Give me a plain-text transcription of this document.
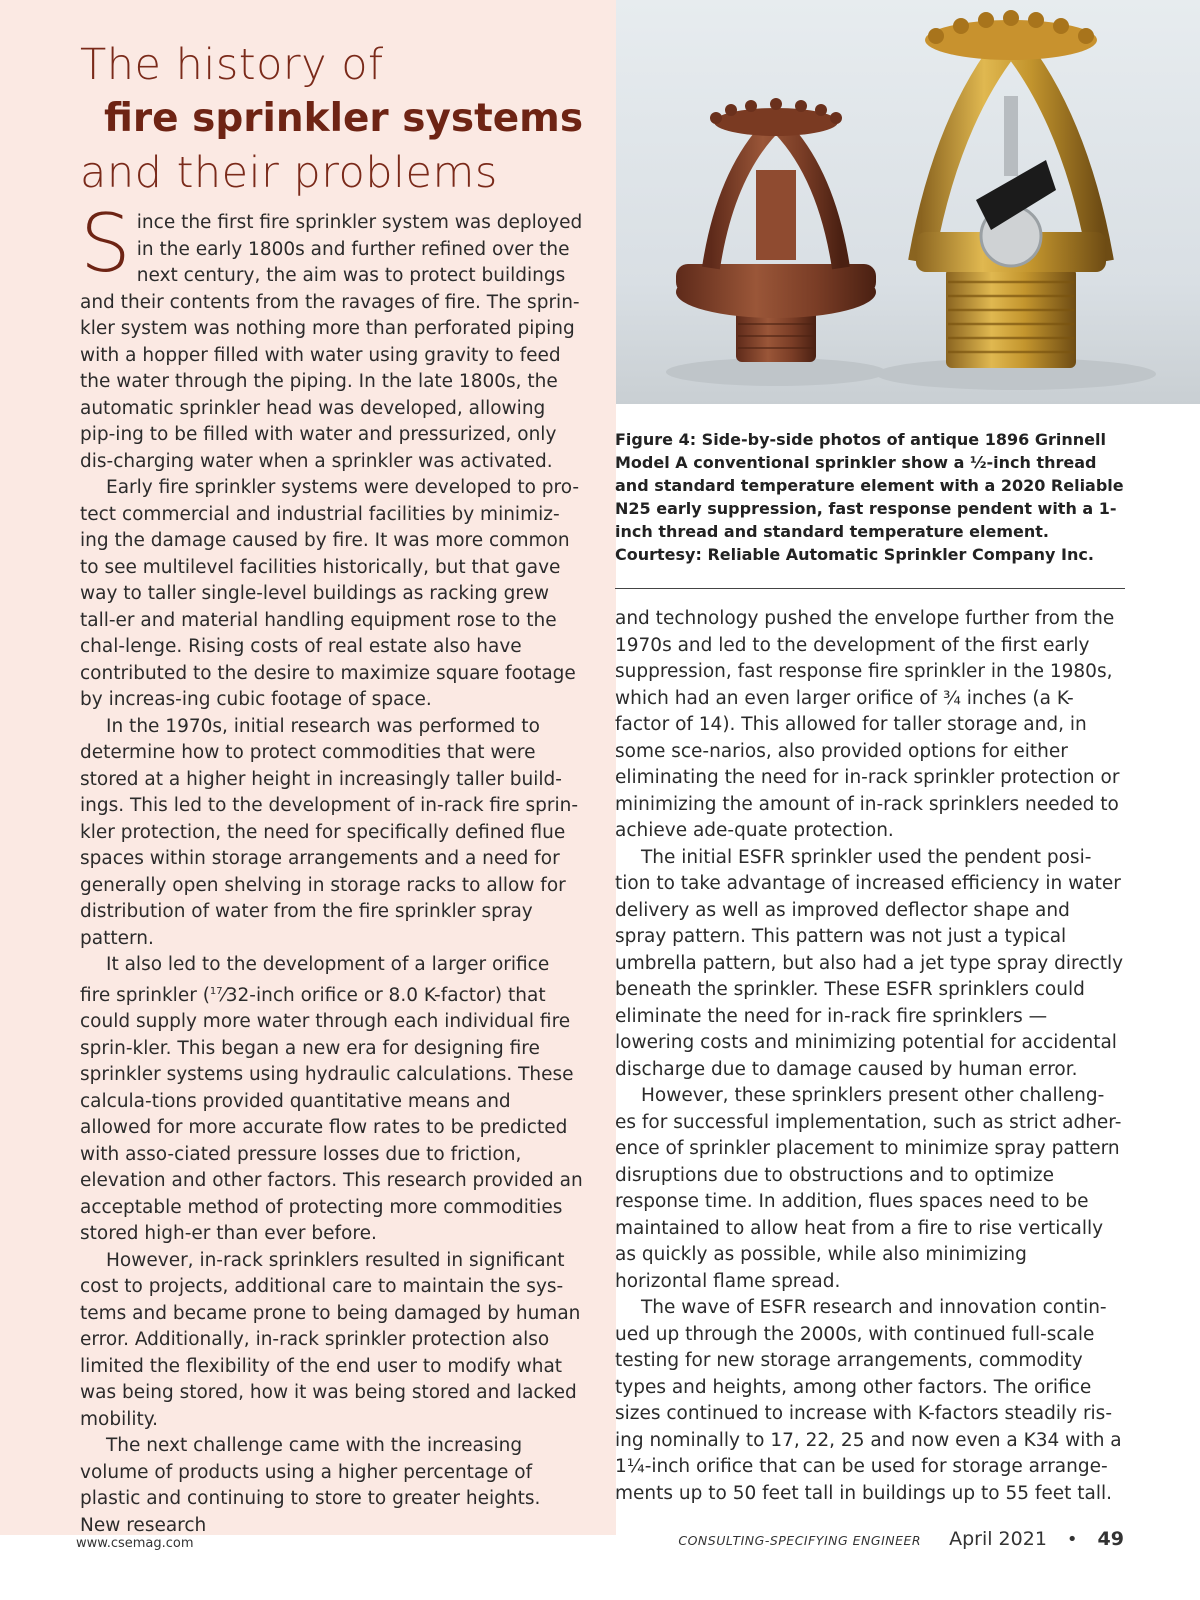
The history of
fire sprinkler systems
and their problems

Since the first fire sprinkler system was deployed in the early 1800s and further refined over the next century, the aim was to protect buildings and their contents from the ravages of fire. The sprin-kler system was nothing more than perforated piping with a hopper filled with water using gravity to feed the water through the piping. In the late 1800s, the automatic sprinkler head was developed, allowing pip-ing to be filled with water and pressurized, only dis-charging water when a sprinkler was activated.

Early fire sprinkler systems were developed to pro-tect commercial and industrial facilities by minimiz-ing the damage caused by fire. It was more common to see multilevel facilities historically, but that gave way to taller single-level buildings as racking grew tall-er and material handling equipment rose to the chal-lenge. Rising costs of real estate also have contributed to the desire to maximize square footage by increas-ing cubic footage of space.

In the 1970s, initial research was performed to determine how to protect commodities that were stored at a higher height in increasingly taller build-ings. This led to the development of in-rack fire sprin-kler protection, the need for specifically defined flue spaces within storage arrangements and a need for generally open shelving in storage racks to allow for distribution of water from the fire sprinkler spray pattern.

It also led to the development of a larger orifice fire sprinkler ($^{17}$⁄32-inch orifice or 8.0 K-factor) that could supply more water through each individual fire sprin-kler. This began a new era for designing fire sprinkler systems using hydraulic calculations. These calcula-tions provided quantitative means and allowed for more accurate flow rates to be predicted with asso-ciated pressure losses due to friction, elevation and other factors. This research provided an acceptable method of protecting more commodities stored high-er than ever before.

However, in-rack sprinklers resulted in significant cost to projects, additional care to maintain the sys-tems and became prone to being damaged by human error. Additionally, in-rack sprinkler protection also limited the flexibility of the end user to modify what was being stored, how it was being stored and lacked mobility.

The next challenge came with the increasing volume of products using a higher percentage of plastic and continuing to store to greater heights. New research

Figure 4: Side-by-side photos of antique 1896 Grinnell Model A conventional sprinkler show a ½-inch thread and standard temperature element with a 2020 Reliable N25 early suppression, fast response pendent with a 1-inch thread and standard temperature element. Courtesy: Reliable Automatic Sprinkler Company Inc.

and technology pushed the envelope further from the 1970s and led to the development of the first early suppression, fast response fire sprinkler in the 1980s, which had an even larger orifice of ¾ inches (a K-factor of 14). This allowed for taller storage and, in some sce-narios, also provided options for either eliminating the need for in-rack sprinkler protection or minimizing the amount of in-rack sprinklers needed to achieve ade-quate protection.

The initial ESFR sprinkler used the pendent posi-tion to take advantage of increased efficiency in water delivery as well as improved deflector shape and spray pattern. This pattern was not just a typical umbrella pattern, but also had a jet type spray directly beneath the sprinkler. These ESFR sprinklers could eliminate the need for in-rack fire sprinklers — lowering costs and minimizing potential for accidental discharge due to damage caused by human error.

However, these sprinklers present other challeng-es for successful implementation, such as strict adher-ence of sprinkler placement to minimize spray pattern disruptions due to obstructions and to optimize response time. In addition, flues spaces need to be maintained to allow heat from a fire to rise vertically as quickly as possible, while also minimizing horizontal flame spread.

The wave of ESFR research and innovation contin-ued up through the 2000s, with continued full-scale testing for new storage arrangements, commodity types and heights, among other factors. The orifice sizes continued to increase with K-factors steadily ris-ing nominally to 17, 22, 25 and now even a K34 with a 1¼-inch orifice that can be used for storage arrange-ments up to 50 feet tall in buildings up to 55 feet tall.

www.csemag.com	CONSULTING-SPECIFYING ENGINEER April 2021 • 49
